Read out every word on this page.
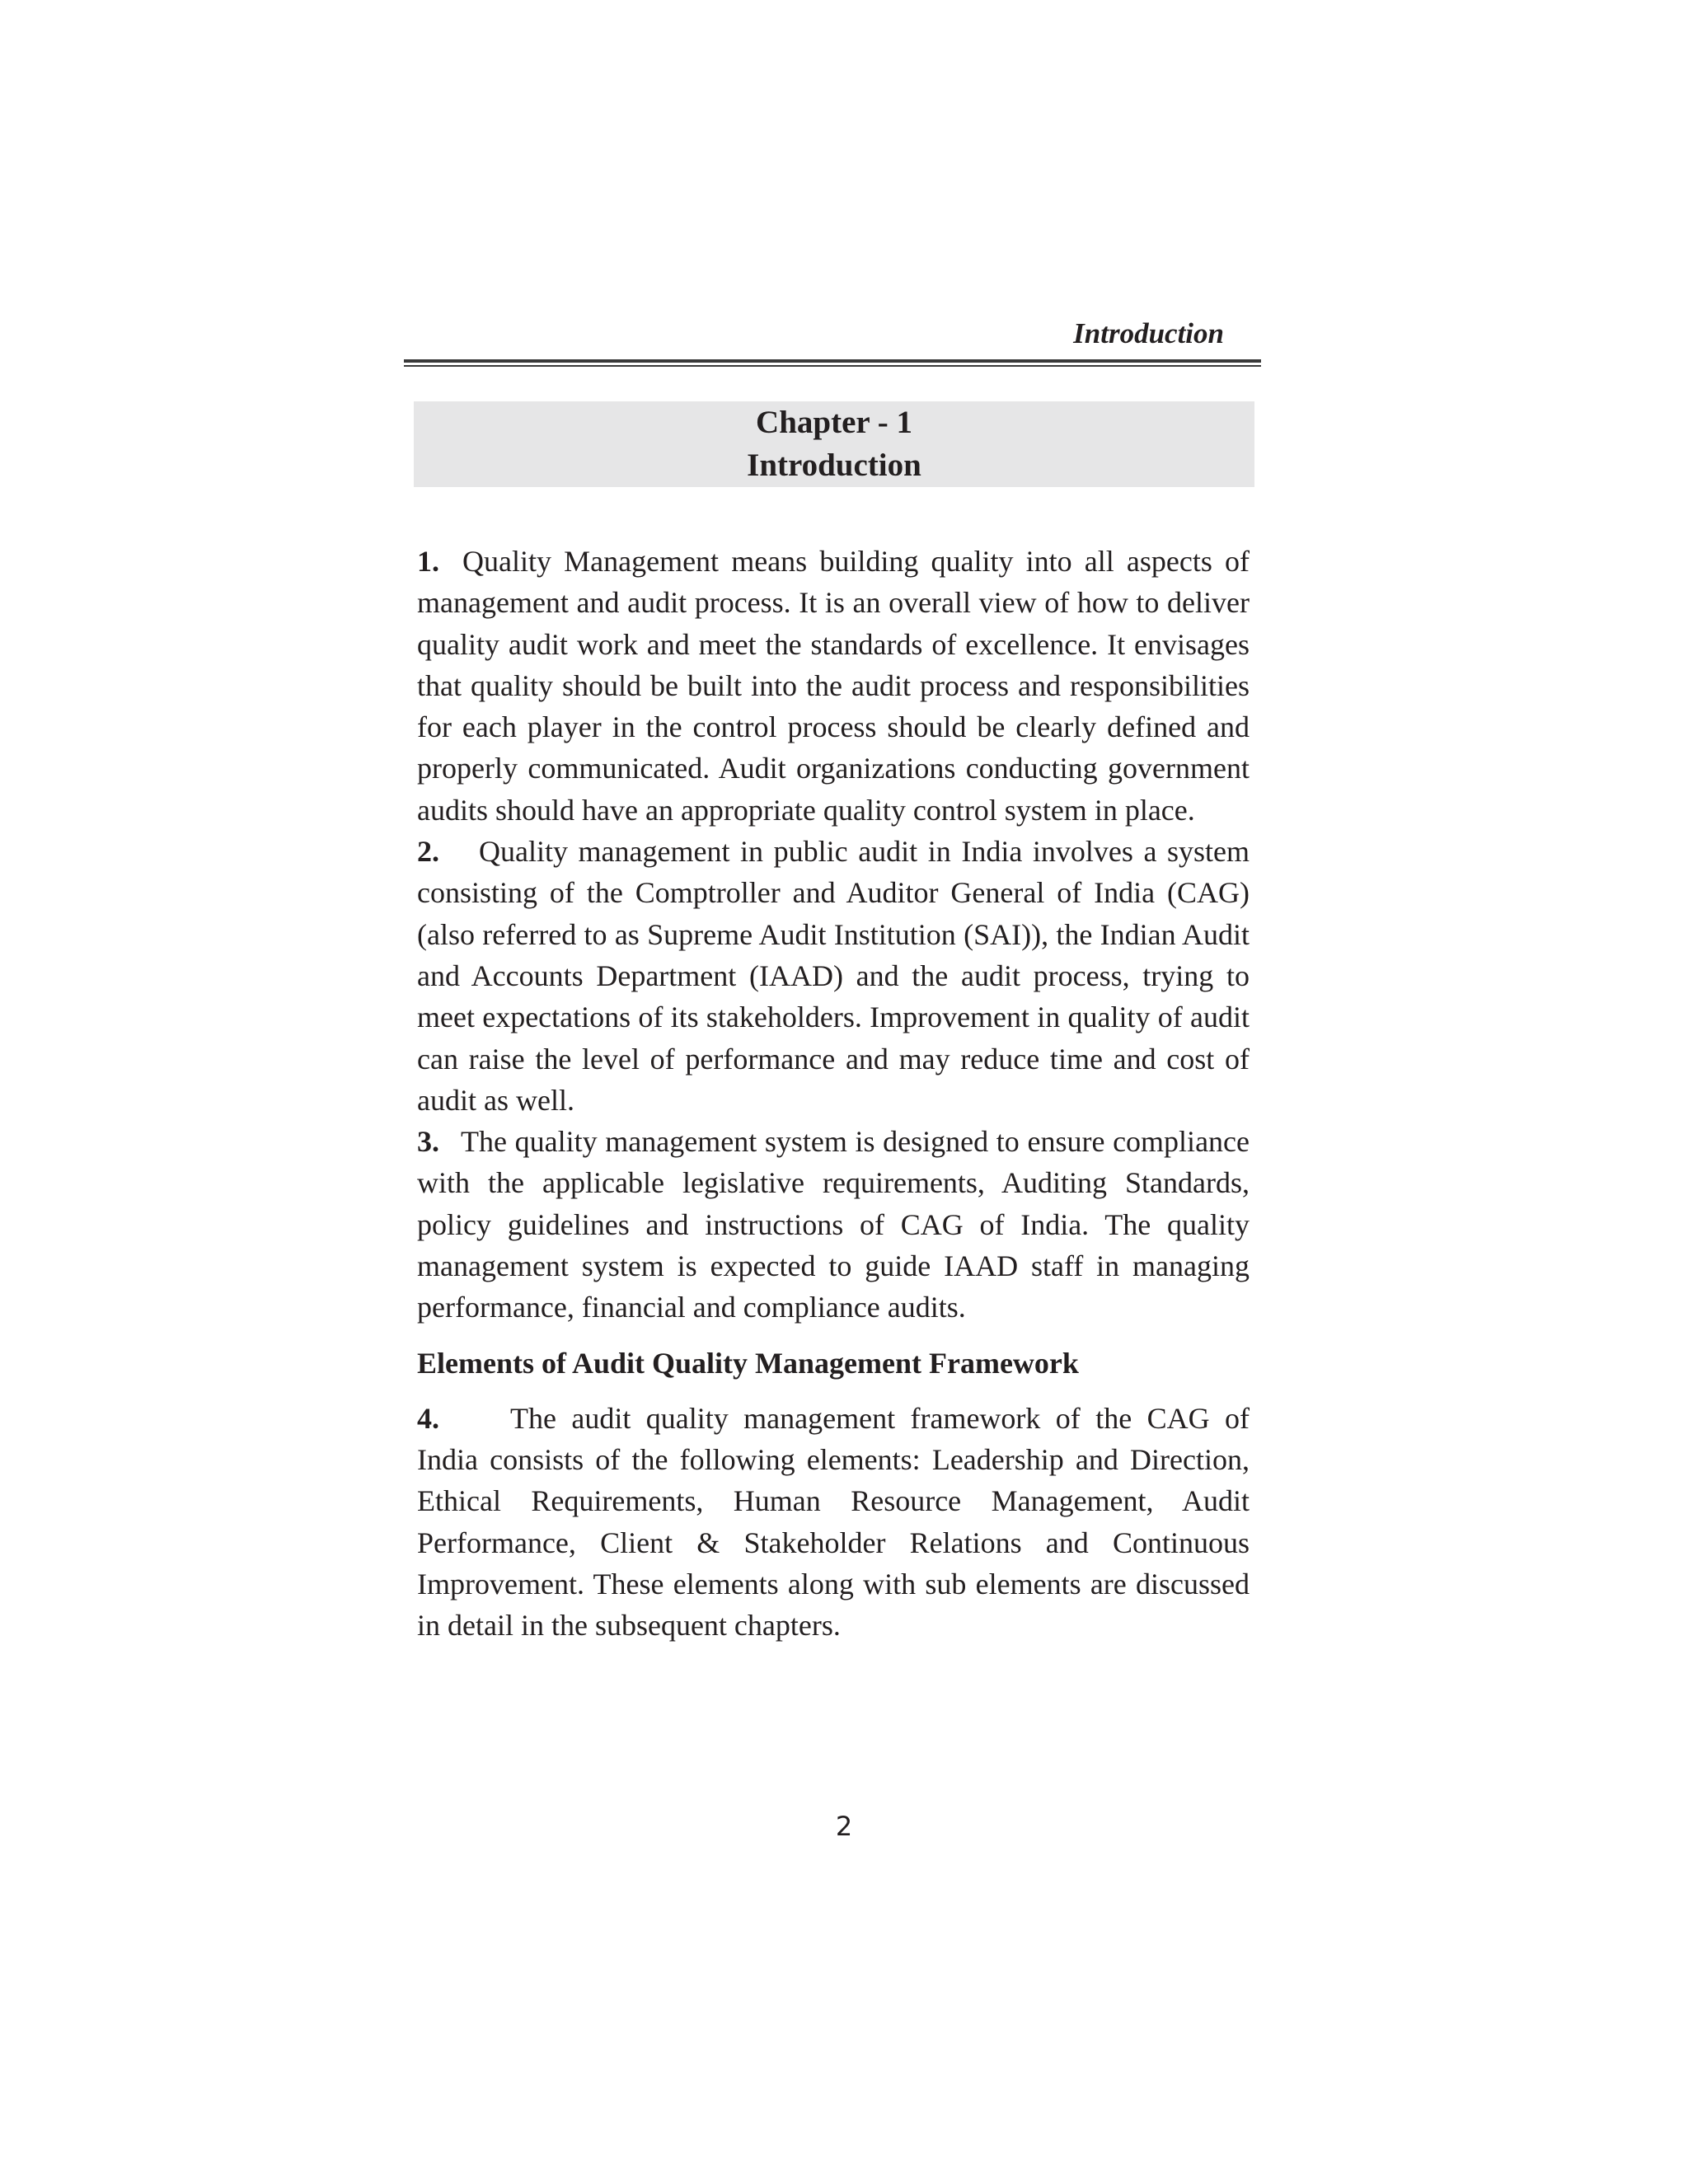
Introduction
Chapter - 1
Introduction

1. Quality Management means building quality into all aspects of management and audit process. It is an overall view of how to deliver quality audit work and meet the standards of excellence. It envisages that quality should be built into the audit process and responsibilities for each player in the control process should be clearly defined and properly communicated. Audit organizations conducting government audits should have an appropriate quality control system in place.

2. Quality management in public audit in India involves a system consisting of the Comptroller and Auditor General of India (CAG) (also referred to as Supreme Audit Institution (SAI)), the Indian Audit and Accounts Department (IAAD) and the audit process, trying to meet expectations of its stakeholders. Improvement in quality of audit can raise the level of performance and may reduce time and cost of audit as well.

3. The quality management system is designed to ensure compliance with the applicable legislative requirements, Auditing Standards, policy guidelines and instructions of CAG of India. The quality management system is expected to guide IAAD staff in managing performance, financial and compliance audits.

Elements of Audit Quality Management Framework

4. The audit quality management framework of the CAG of India consists of the following elements: Leadership and Direction, Ethical Requirements, Human Resource Management, Audit Performance, Client & Stakeholder Relations and Continuous Improvement. These elements along with sub elements are discussed in detail in the subsequent chapters.

2
